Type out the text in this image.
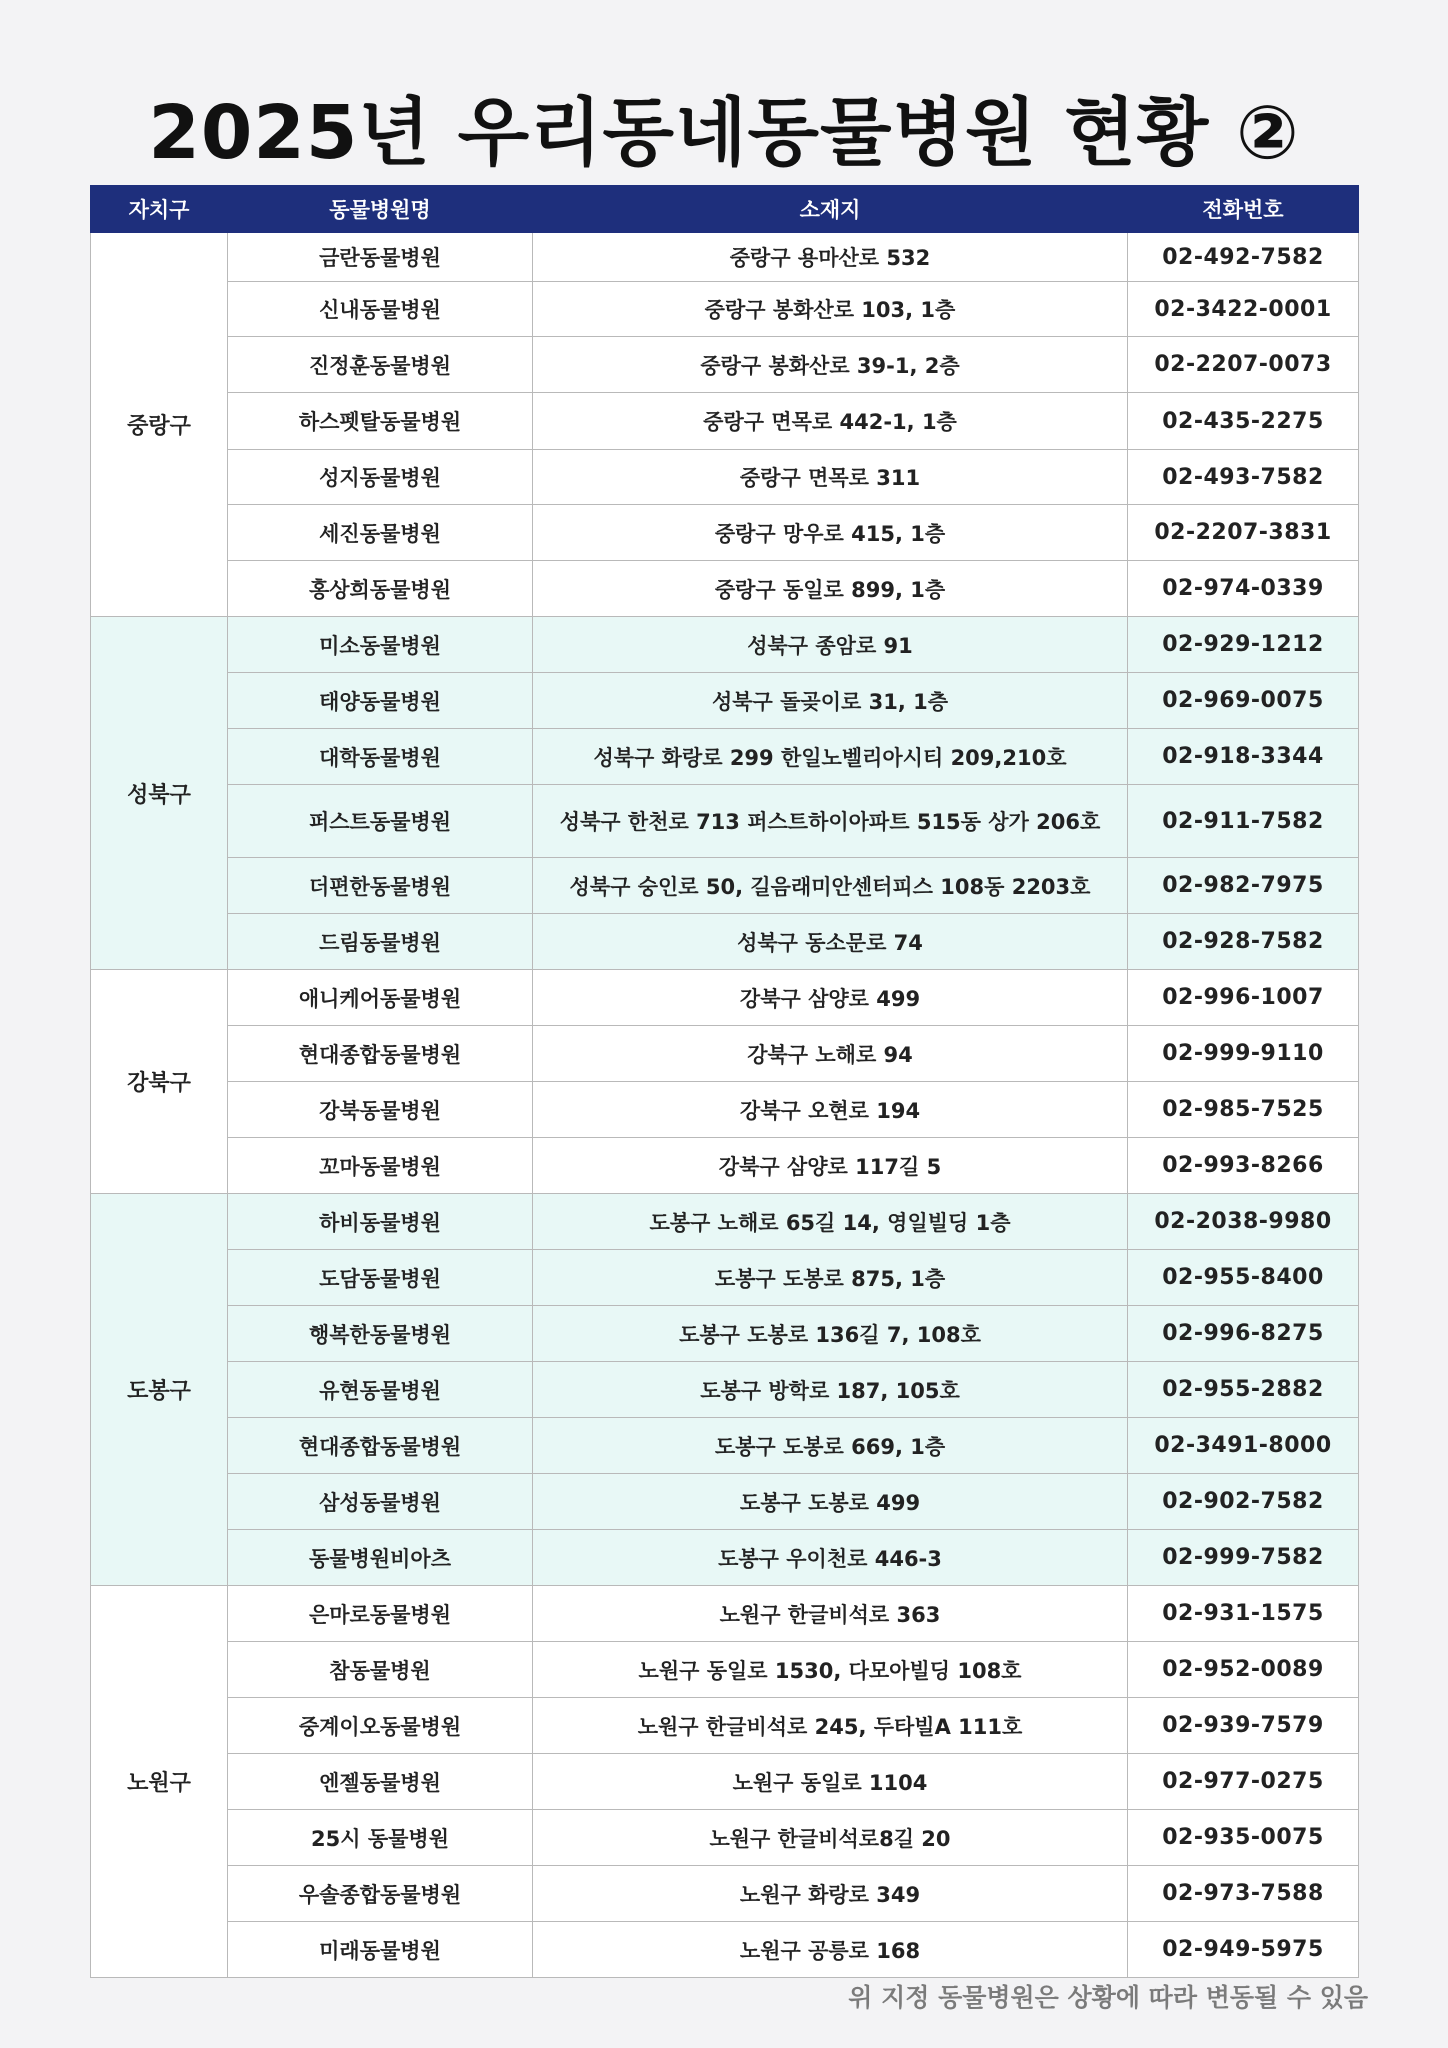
2025년 우리동네동물병원 현황 ②
자치구	동물병원명	소재지	전화번호
중랑구	금란동물병원	중랑구 용마산로 532	02-492-7582
	신내동물병원	중랑구 봉화산로 103, 1층	02-3422-0001
	진정훈동물병원	중랑구 봉화산로 39-1, 2층	02-2207-0073
	하스펫탈동물병원	중랑구 면목로 442-1, 1층	02-435-2275
	성지동물병원	중랑구 면목로 311	02-493-7582
	세진동물병원	중랑구 망우로 415, 1층	02-2207-3831
	홍상희동물병원	중랑구 동일로 899, 1층	02-974-0339
성북구	미소동물병원	성북구 종암로 91	02-929-1212
	태양동물병원	성북구 돌곶이로 31, 1층	02-969-0075
	대학동물병원	성북구 화랑로 299 한일노벨리아시티 209,210호	02-918-3344
	퍼스트동물병원	성북구 한천로 713 퍼스트하이아파트 515동 상가 206호	02-911-7582
	더편한동물병원	성북구 숭인로 50, 길음래미안센터피스 108동 2203호	02-982-7975
	드림동물병원	성북구 동소문로 74	02-928-7582
강북구	애니케어동물병원	강북구 삼양로 499	02-996-1007
	현대종합동물병원	강북구 노해로 94	02-999-9110
	강북동물병원	강북구 오현로 194	02-985-7525
	꼬마동물병원	강북구 삼양로 117길 5	02-993-8266
도봉구	하비동물병원	도봉구 노해로 65길 14, 영일빌딩 1층	02-2038-9980
	도담동물병원	도봉구 도봉로 875, 1층	02-955-8400
	행복한동물병원	도봉구 도봉로 136길 7, 108호	02-996-8275
	유현동물병원	도봉구 방학로 187, 105호	02-955-2882
	현대종합동물병원	도봉구 도봉로 669, 1층	02-3491-8000
	삼성동물병원	도봉구 도봉로 499	02-902-7582
	동물병원비아츠	도봉구 우이천로 446-3	02-999-7582
노원구	은마로동물병원	노원구 한글비석로 363	02-931-1575
	참동물병원	노원구 동일로 1530, 다모아빌딩 108호	02-952-0089
	중계이오동물병원	노원구 한글비석로 245, 두타빌A 111호	02-939-7579
	엔젤동물병원	노원구 동일로 1104	02-977-0275
	25시 동물병원	노원구 한글비석로8길 20	02-935-0075
	우솔종합동물병원	노원구 화랑로 349	02-973-7588
	미래동물병원	노원구 공릉로 168	02-949-5975
위 지정 동물병원은 상황에 따라 변동될 수 있음
